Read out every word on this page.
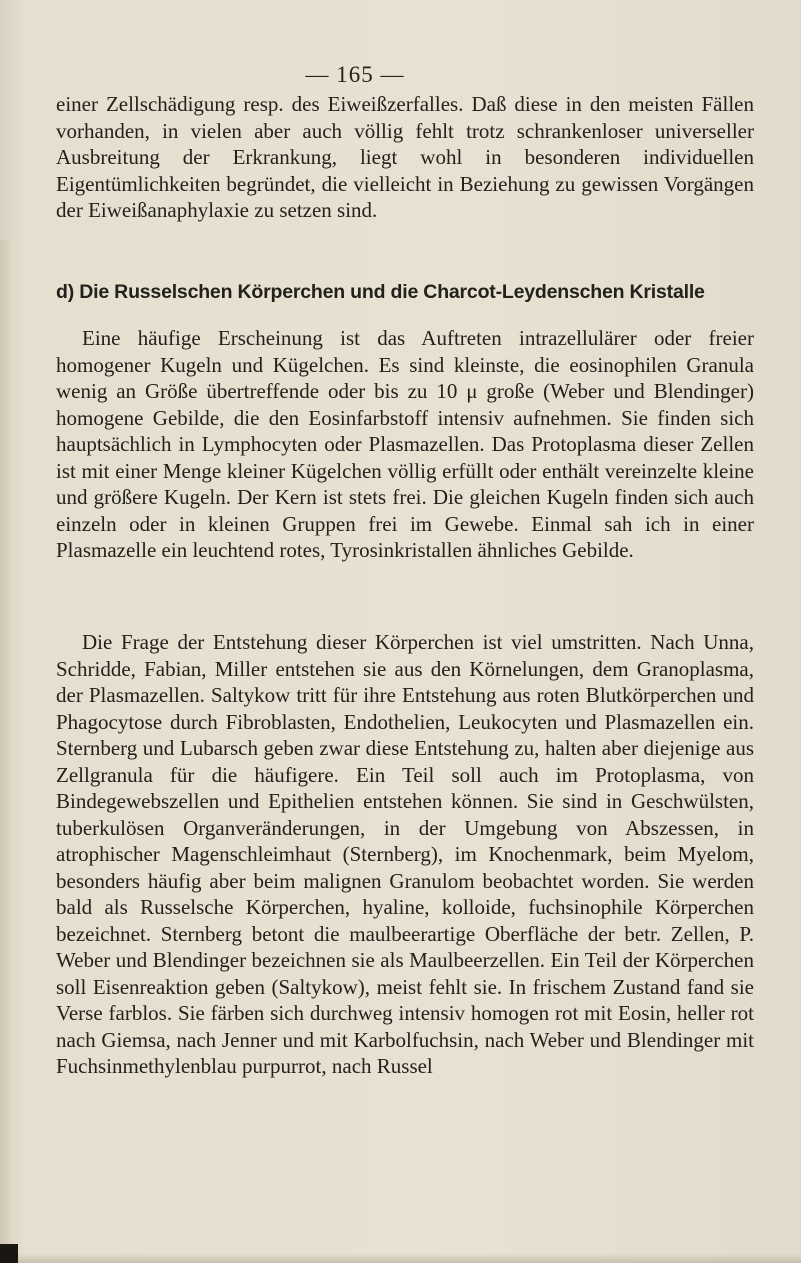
— 165 —
einer Zellschädigung resp. des Eiweißzerfalles. Daß diese in den meisten Fällen vorhanden, in vielen aber auch völlig fehlt trotz schrankenloser universeller Ausbreitung der Erkrankung, liegt wohl in besonderen individuellen Eigentümlichkeiten begründet, die vielleicht in Beziehung zu gewissen Vorgängen der Eiweißanaphylaxie zu setzen sind.
d) Die Russelschen Körperchen und die Charcot-Leydenschen Kristalle
Eine häufige Erscheinung ist das Auftreten intrazellulärer oder freier homogener Kugeln und Kügelchen. Es sind kleinste, die eosinophilen Granula wenig an Größe übertreffende oder bis zu 10 μ große (Weber und Blendinger) homogene Gebilde, die den Eosinfarbstoff intensiv aufnehmen. Sie finden sich hauptsächlich in Lymphocyten oder Plasmazellen. Das Protoplasma dieser Zellen ist mit einer Menge kleiner Kügelchen völlig erfüllt oder enthält vereinzelte kleine und größere Kugeln. Der Kern ist stets frei. Die gleichen Kugeln finden sich auch einzeln oder in kleinen Gruppen frei im Gewebe. Einmal sah ich in einer Plasmazelle ein leuchtend rotes, Tyrosinkristallen ähnliches Gebilde.
Die Frage der Entstehung dieser Körperchen ist viel umstritten. Nach Unna, Schridde, Fabian, Miller entstehen sie aus den Körnelungen, dem Granoplasma, der Plasmazellen. Saltykow tritt für ihre Entstehung aus roten Blutkörperchen und Phagocytose durch Fibroblasten, Endothelien, Leukocyten und Plasmazellen ein. Sternberg und Lubarsch geben zwar diese Entstehung zu, halten aber diejenige aus Zellgranula für die häufigere. Ein Teil soll auch im Protoplasma, von Bindegewebszellen und Epithelien entstehen können. Sie sind in Geschwülsten, tuberkulösen Organveränderungen, in der Umgebung von Abszessen, in atrophischer Magenschleimhaut (Sternberg), im Knochenmark, beim Myelom, besonders häufig aber beim malignen Granulom beobachtet worden. Sie werden bald als Russelsche Körperchen, hyaline, kolloide, fuchsinophile Körperchen bezeichnet. Sternberg betont die maulbeerartige Oberfläche der betr. Zellen, P. Weber und Blendinger bezeichnen sie als Maulbeerzellen. Ein Teil der Körperchen soll Eisenreaktion geben (Saltykow), meist fehlt sie. In frischem Zustand fand sie Verse farblos. Sie färben sich durchweg intensiv homogen rot mit Eosin, heller rot nach Giemsa, nach Jenner und mit Karbolfuchsin, nach Weber und Blendinger mit Fuchsinmethylenblau purpurrot, nach Russel
